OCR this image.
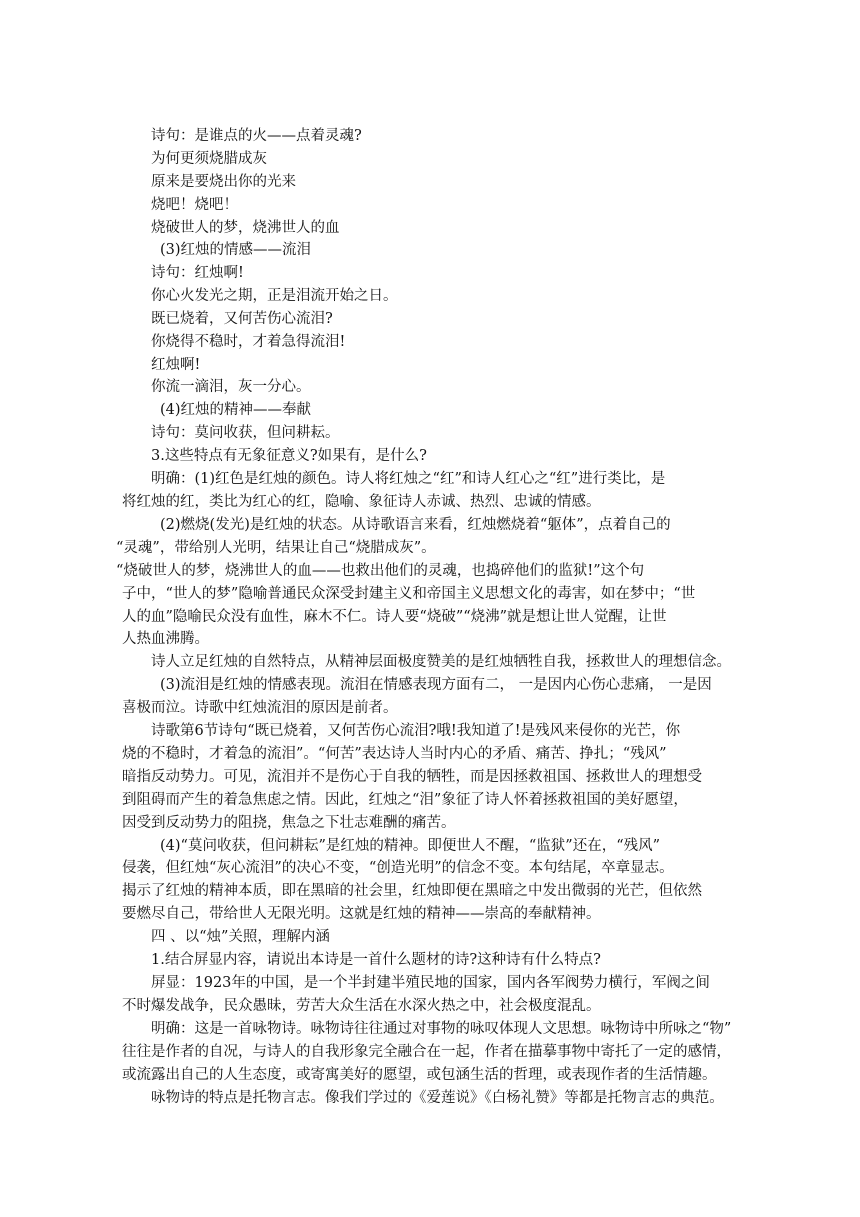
诗句：是谁点的火——点着灵魂?
为何更须烧腊成灰
原来是要烧出你的光来
烧吧！烧吧！
烧破世人的梦，烧沸世人的血
(3)红烛的情感——流泪
诗句：红烛啊!
你心火发光之期，正是泪流开始之日。
既已烧着，又何苦伤心流泪?
你烧得不稳时，才着急得流泪!
红烛啊!
你流一滴泪，灰一分心。
(4)红烛的精神——奉献
诗句：莫问收获，但问耕耘。
3.这些特点有无象征意义?如果有，是什么?
明确：(1)红色是红烛的颜色。诗人将红烛之“红”和诗人红心之“红”进行类比，是
将红烛的红，类比为红心的红，隐喻、象征诗人赤诚、热烈、忠诚的情感。
(2)燃烧(发光)是红烛的状态。从诗歌语言来看，红烛燃烧着“躯体”，点着自己的
“灵魂”，带给别人光明，结果让自己“烧腊成灰”。
“烧破世人的梦，烧沸世人的血——也救出他们的灵魂，也捣碎他们的监狱!”这个句
子中，“世人的梦”隐喻普通民众深受封建主义和帝国主义思想文化的毒害，如在梦中；“世
人的血”隐喻民众没有血性，麻木不仁。诗人要“烧破”“烧沸”就是想让世人觉醒，让世
人热血沸腾。
诗人立足红烛的自然特点，从精神层面极度赞美的是红烛牺牲自我，拯救世人的理想信念。
(3)流泪是红烛的情感表现。流泪在情感表现方面有二， 一是因内心伤心悲痛， 一是因
喜极而泣。诗歌中红烛流泪的原因是前者。
诗歌第6节诗句“既已烧着，又何苦伤心流泪?哦!我知道了!是残风来侵你的光芒，你
烧的不稳时，才着急的流泪”。“何苦”表达诗人当时内心的矛盾、痛苦、挣扎；“残风”
暗指反动势力。可见，流泪并不是伤心于自我的牺牲，而是因拯救祖国、拯救世人的理想受
到阻碍而产生的着急焦虑之情。因此，红烛之“泪”象征了诗人怀着拯救祖国的美好愿望，
因受到反动势力的阻挠，焦急之下壮志难酬的痛苦。
(4)“莫问收获，但问耕耘”是红烛的精神。即便世人不醒，“监狱”还在，“残风”
侵袭，但红烛“灰心流泪”的决心不变，“创造光明”的信念不变。本句结尾，卒章显志。
揭示了红烛的精神本质，即在黑暗的社会里，红烛即便在黑暗之中发出微弱的光芒，但依然
要燃尽自己，带给世人无限光明。这就是红烛的精神——崇高的奉献精神。
四 、以“烛”关照，理解内涵
1.结合屏显内容，请说出本诗是一首什么题材的诗?这种诗有什么特点?
屏显：1923年的中国，是一个半封建半殖民地的国家，国内各军阀势力横行，军阀之间
不时爆发战争，民众愚昧，劳苦大众生活在水深火热之中，社会极度混乱。
明确：这是一首咏物诗。咏物诗往往通过对事物的咏叹体现人文思想。咏物诗中所咏之“物”
往往是作者的自况，与诗人的自我形象完全融合在一起，作者在描摹事物中寄托了一定的感情，
或流露出自己的人生态度，或寄寓美好的愿望，或包涵生活的哲理，或表现作者的生活情趣。
咏物诗的特点是托物言志。像我们学过的《爱莲说》《白杨礼赞》等都是托物言志的典范。
